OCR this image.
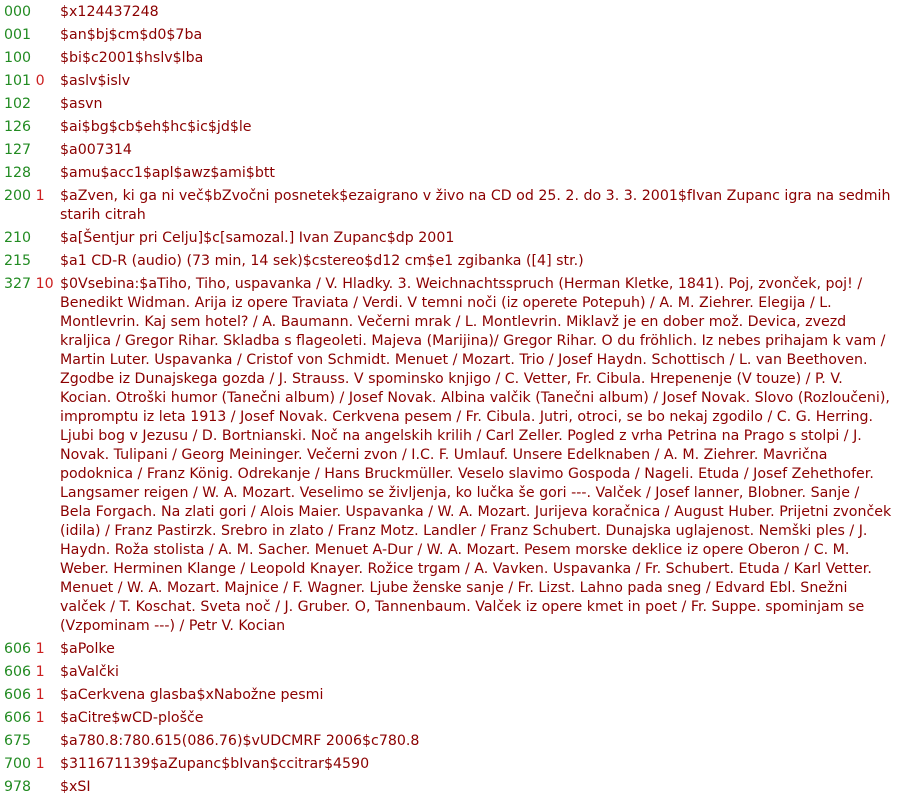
000	$x124437248
001	$an$bj$cm$d0$7ba
100	$bi$c2001$hslv$lba
101 0	$aslv$islv
102	$asvn
126	$ai$bg$cb$eh$hc$ic$jd$le
127	$a007314
128	$amu$acc1$apl$awz$ami$btt
200 1	$aZven, ki ga ni več$bZvočni posnetek$ezaigrano v živo na CD od 25. 2. do 3. 3. 2001$fIvan Zupanc igra na sedmih starih citrah
210	$a[Šentjur pri Celju]$c[samozal.] Ivan Zupanc$dp 2001
215	$a1 CD-R (audio) (73 min, 14 sek)$cstereo$d12 cm$e1 zgibanka ([4] str.)
327 10 $0Vsebina:$aTiho, Tiho, uspavanka / V. Hladky. 3. Weichnachtsspruch (Herman Kletke, 1841). Poj, zvonček, poj! / Benedikt Widman. Arija iz opere Traviata / Verdi. V temni noči (iz operete Potepuh) / A. M. Ziehrer. Elegija / L. Montlevrin. Kaj sem hotel? / A. Baumann. Večerni mrak / L. Montlevrin. Miklavž je en dober mož. Devica, zvezd kraljica / Gregor Rihar. Skladba s flageoleti. Majeva (Marijina)/ Gregor Rihar. O du fröhlich. Iz nebes prihajam k vam / Martin Luter. Uspavanka / Cristof von Schmidt. Menuet / Mozart. Trio / Josef Haydn. Schottisch / L. van Beethoven. Zgodbe iz Dunajskega gozda / J. Strauss. V spominsko knjigo / C. Vetter, Fr. Cibula. Hrepenenje (V touze) / P. V. Kocian. Otroški humor (Tanečni album) / Josef Novak. Albina valčik (Tanečni album) / Josef Novak. Slovo (Rozloučeni), impromptu iz leta 1913 / Josef Novak. Cerkvena pesem / Fr. Cibula. Jutri, otroci, se bo nekaj zgodilo / C. G. Herring. Ljubi bog v Jezusu / D. Bortnianski. Noč na angelskih krilih / Carl Zeller. Pogled z vrha Petrina na Prago s stolpi / J. Novak. Tulipani / Georg Meininger. Večerni zvon / I.C. F. Umlauf. Unsere Edelknaben / A. M. Ziehrer. Mavrična podoknica / Franz König. Odrekanje / Hans Bruckmüller. Veselo slavimo Gospoda / Nageli. Etuda / Josef Zehethofer. Langsamer reigen / W. A. Mozart. Veselimo se življenja, ko lučka še gori ---. Valček / Josef lanner, Blobner. Sanje / Bela Forgach. Na zlati gori / Alois Maier. Uspavanka / W. A. Mozart. Jurijeva koračnica / August Huber. Prijetni zvonček (idila) / Franz Pastirzk. Srebro in zlato / Franz Motz. Landler / Franz Schubert. Dunajska uglajenost. Nemški ples / J. Haydn. Roža stolista / A. M. Sacher. Menuet A-Dur / W. A. Mozart. Pesem morske deklice iz opere Oberon / C. M. Weber. Herminen Klange / Leopold Knayer. Rožice trgam / A. Vavken. Uspavanka / Fr. Schubert. Etuda / Karl Vetter. Menuet / W. A. Mozart. Majnice / F. Wagner. Ljube ženske sanje / Fr. Lizst. Lahno pada sneg / Edvard Ebl. Snežni valček / T. Koschat. Sveta noč / J. Gruber. O, Tannenbaum. Valček iz opere kmet in poet / Fr. Suppe. spominjam se (Vzpominam ---) / Petr V. Kocian
606 1	$aPolke
606 1	$aValčki
606 1	$aCerkvena glasba$xNabožne pesmi
606 1	$aCitre$wCD-plošče
675	$a780.8:780.615(086.76)$vUDCMRF 2006$c780.8
700 1	$311671139$aZupanc$bIvan$ccitrar$4590
978	$xSI
